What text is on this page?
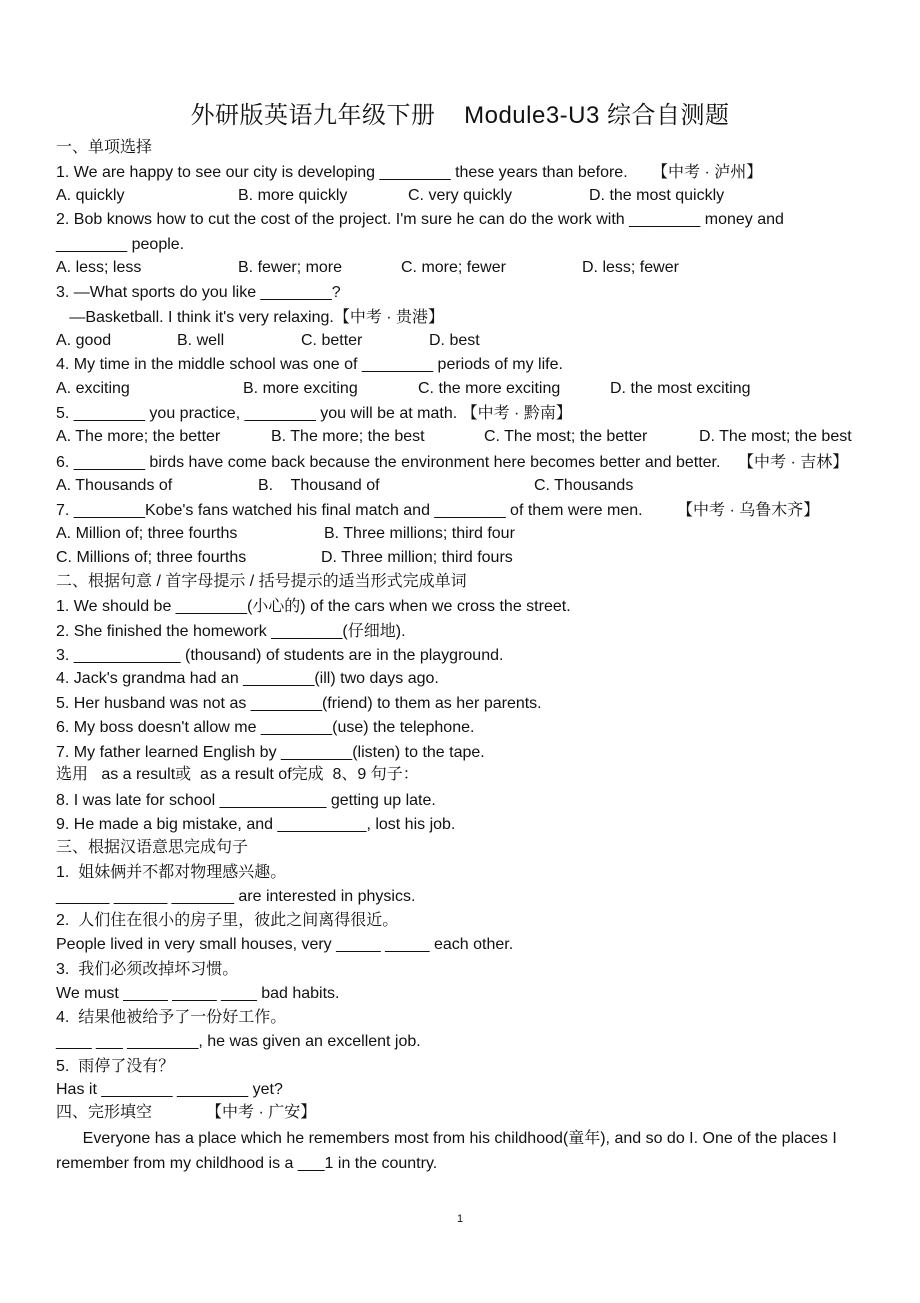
外研版英语九年级下册    Module3-U3 综合自测题
一、单项选择
1. We are happy to see our city is developing ________ these years than before. 【中考 · 泸州】
A. quickly	B. more quickly	C. very quickly	D. the most quickly
2. Bob knows how to cut the cost of the project. I'm sure he can do the work with ________ money and
________ people.
A. less; less	B. fewer; more	C. more; fewer	D. less; fewer
3. —What sports do you like ________?
—Basketball. I think it's very relaxing.【中考 · 贵港】
A. good	B. well	C. better	D. best
4. My time in the middle school was one of ________ periods of my life.
A. exciting	B. more exciting	C. the more exciting	D. the most exciting
5. ________ you practice, ________ you will be at math. 【中考 · 黔南】
A. The more; the better	B. The more; the best	C. The most; the better	D. The most; the best
6. ________ birds have come back because the environment here becomes better and better. 【中考 · 吉林】
A. Thousands of	B.    Thousand of	C. Thousands
7. ________Kobe's fans watched his final match and ________ of them were men. 【中考 · 乌鲁木齐】
A. Million of; three fourths	B. Three millions; third four
C. Millions of; three fourths	D. Three million; third fours
二、根据句意 / 首字母提示 / 括号提示的适当形式完成单词
1. We should be ________(小心的) of the cars when we cross the street.
2. She finished the homework ________(仔细地).
3. ____________ (thousand) of students are in the playground.
4. Jack's grandma had an ________(ill) two days ago.
5. Her husband was not as ________(friend) to them as her parents.
6. My boss doesn't allow me ________(use) the telephone.
7. My father learned English by ________(listen) to the tape.
选用   as a result或  as a result of完成  8、9 句子：
8. I was late for school ____________ getting up late.
9. He made a big mistake, and __________, lost his job.
三、根据汉语意思完成句子
1.  姐妹俩并不都对物理感兴趣。
______ ______ _______ are interested in physics.
2.  人们住在很小的房子里，彼此之间离得很近。
People lived in very small houses, very _____ _____ each other.
3.  我们必须改掉坏习惯。
We must _____ _____ ____ bad habits.
4.  结果他被给予了一份好工作。
____ ___ ________, he was given an excellent job.
5.  雨停了没有？
Has it ________ ________ yet?
四、完形填空	【中考 · 广安】
Everyone has a place which he remembers most from his childhood(童年), and so do I. One of the places I
remember from my childhood is a ___1 in the country.
1
